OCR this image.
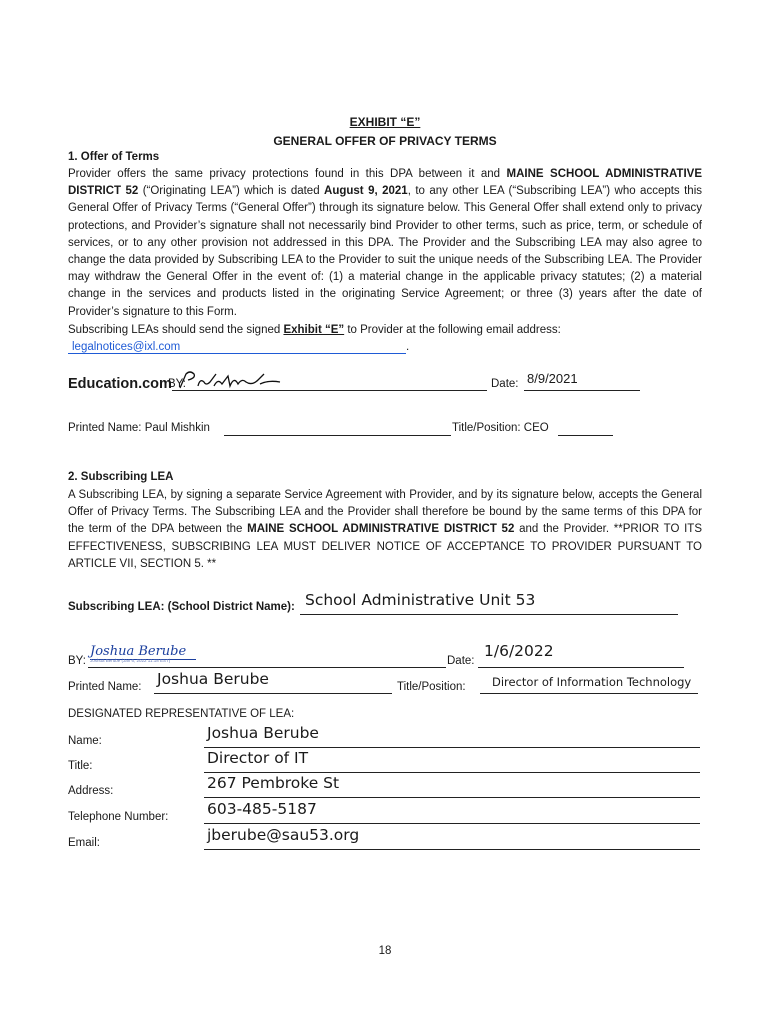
EXHIBIT “E”
GENERAL OFFER OF PRIVACY TERMS
1. Offer of Terms
Provider offers the same privacy protections found in this DPA between it and MAINE SCHOOL ADMINISTRATIVE DISTRICT 52 (“Originating LEA”) which is dated August 9, 2021, to any other LEA (“Subscribing LEA”) who accepts this General Offer of Privacy Terms (“General Offer”) through its signature below. This General Offer shall extend only to privacy protections, and Provider’s signature shall not necessarily bind Provider to other terms, such as price, term, or schedule of services, or to any other provision not addressed in this DPA. The Provider and the Subscribing LEA may also agree to change the data provided by Subscribing LEA to the Provider to suit the unique needs of the Subscribing LEA. The Provider may withdraw the General Offer in the event of: (1) a material change in the applicable privacy statutes; (2) a material change in the services and products listed in the originating Service Agreement; or three (3) years after the date of Provider’s signature to this Form.
Subscribing LEAs should send the signed Exhibit “E” to Provider at the following email address:
legalnotices@ixl.com	.
Education.com
BY:	Date: 8/9/2021
Printed Name: Paul Mishkin	Title/Position: CEO
2. Subscribing LEA
A Subscribing LEA, by signing a separate Service Agreement with Provider, and by its signature below, accepts the General Offer of Privacy Terms. The Subscribing LEA and the Provider shall therefore be bound by the same terms of this DPA for the term of the DPA between the MAINE SCHOOL ADMINISTRATIVE DISTRICT 52 and the Provider. **PRIOR TO ITS EFFECTIVENESS, SUBSCRIBING LEA MUST DELIVER NOTICE OF ACCEPTANCE TO PROVIDER PURSUANT TO ARTICLE VII, SECTION 5. **
Subscribing LEA: (School District Name): School Administrative Unit 53
BY:
Joshua Berube
Joshua Berube (Jan 6, 2022 11:18 EST)	Date:
1/6/2022
Printed Name: Joshua Berube	Title/Position: Director of Information Technology
DESIGNATED REPRESENTATIVE OF LEA:
Name:	Joshua Berube
Title:	Director of IT
Address:	267 Pembroke St
Telephone Number: 603-485-5187
Email:	jberube@sau53.org
18
